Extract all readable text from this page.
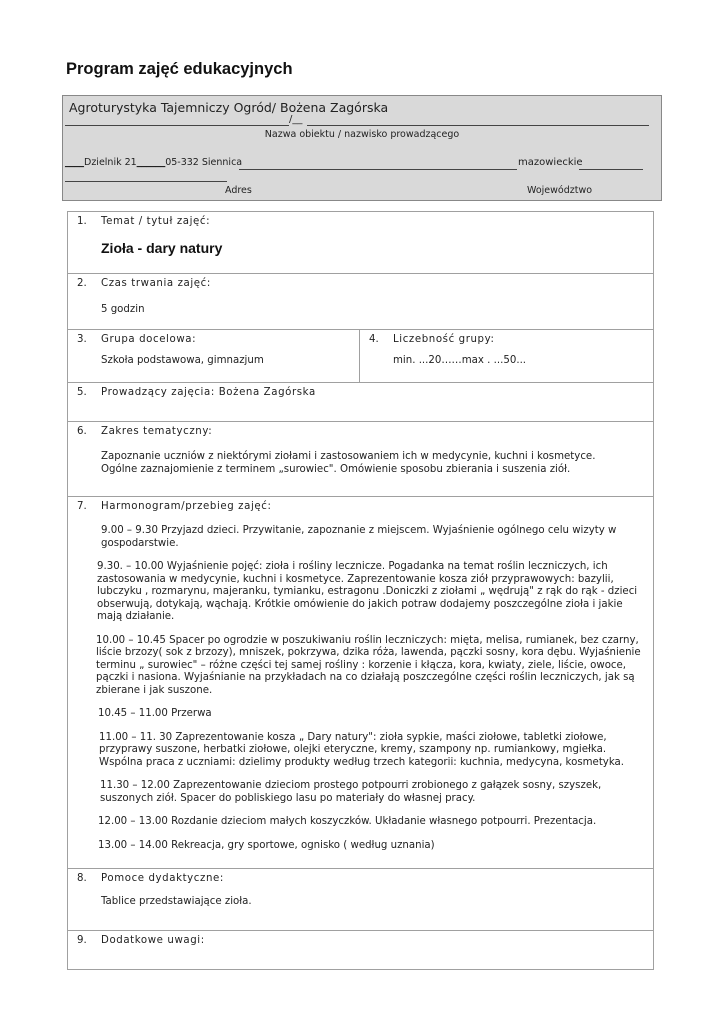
Program zajęć edukacyjnych
Agroturystyka Tajemniczy Ogród/ Bożena Zagórska
/__
Nazwa obiektu / nazwisko prowadzącego
____Dzielnik 21______05-332 Siennica	mazowieckie
Adres	Województwo
1. Temat / tytuł zajęć:
Zioła - dary natury

2. Czas trwania zajęć:
5 godzin

3. Grupa docelowa:
Szkoła podstawowa, gimnazjum

4. Liczebność grupy:
min. ...20……max . ...50...

5. Prowadzący zajęcia: Bożena Zagórska

6. Zakres tematyczny:
Zapoznanie uczniów z niektórymi ziołami i zastosowaniem ich w medycynie, kuchni i kosmetyce. Ogólne zaznajomienie z terminem „surowiec". Omówienie sposobu zbierania i suszenia ziół.

7. Harmonogram/przebieg zajęć:
9.00 – 9.30 Przyjazd dzieci. Przywitanie, zapoznanie z miejscem. Wyjaśnienie ogólnego celu wizyty w gospodarstwie.
9.30. – 10.00 Wyjaśnienie pojęć: zioła i rośliny lecznicze. Pogadanka na temat roślin leczniczych, ich zastosowania w medycynie, kuchni i kosmetyce. Zaprezentowanie kosza ziół przyprawowych: bazylii, lubczyku , rozmarynu, majeranku, tymianku, estragonu .Doniczki z ziołami „ wędrują" z rąk do rąk - dzieci obserwują, dotykają, wąchają. Krótkie omówienie do jakich potraw dodajemy poszczególne zioła i jakie mają działanie.
10.00 – 10.45 Spacer po ogrodzie w poszukiwaniu roślin leczniczych: mięta, melisa, rumianek, bez czarny, liście brzozy( sok z brzozy), mniszek, pokrzywa, dzika róża, lawenda, pączki sosny, kora dębu. Wyjaśnienie terminu „ surowiec" – różne części tej samej rośliny : korzenie i kłącza, kora, kwiaty, ziele, liście, owoce, pączki i nasiona. Wyjaśnianie na przykładach na co działają poszczególne części roślin leczniczych, jak są zbierane i jak suszone.
10.45 – 11.00 Przerwa
11.00 – 11. 30 Zaprezentowanie kosza „ Dary natury": zioła sypkie, maści ziołowe, tabletki ziołowe, przyprawy suszone, herbatki ziołowe, olejki eteryczne, kremy, szampony np. rumiankowy, mgiełka. Wspólna praca z uczniami: dzielimy produkty według trzech kategorii: kuchnia, medycyna, kosmetyka.
11.30 – 12.00 Zaprezentowanie dzieciom prostego potpourri zrobionego z gałązek sosny, szyszek, suszonych ziół. Spacer do pobliskiego lasu po materiały do własnej pracy.
12.00 – 13.00 Rozdanie dzieciom małych koszyczków. Układanie własnego potpourri. Prezentacja.
13.00 – 14.00 Rekreacja, gry sportowe, ognisko ( według uznania)

8. Pomoce dydaktyczne:
Tablice przedstawiające zioła.

9. Dodatkowe uwagi:
